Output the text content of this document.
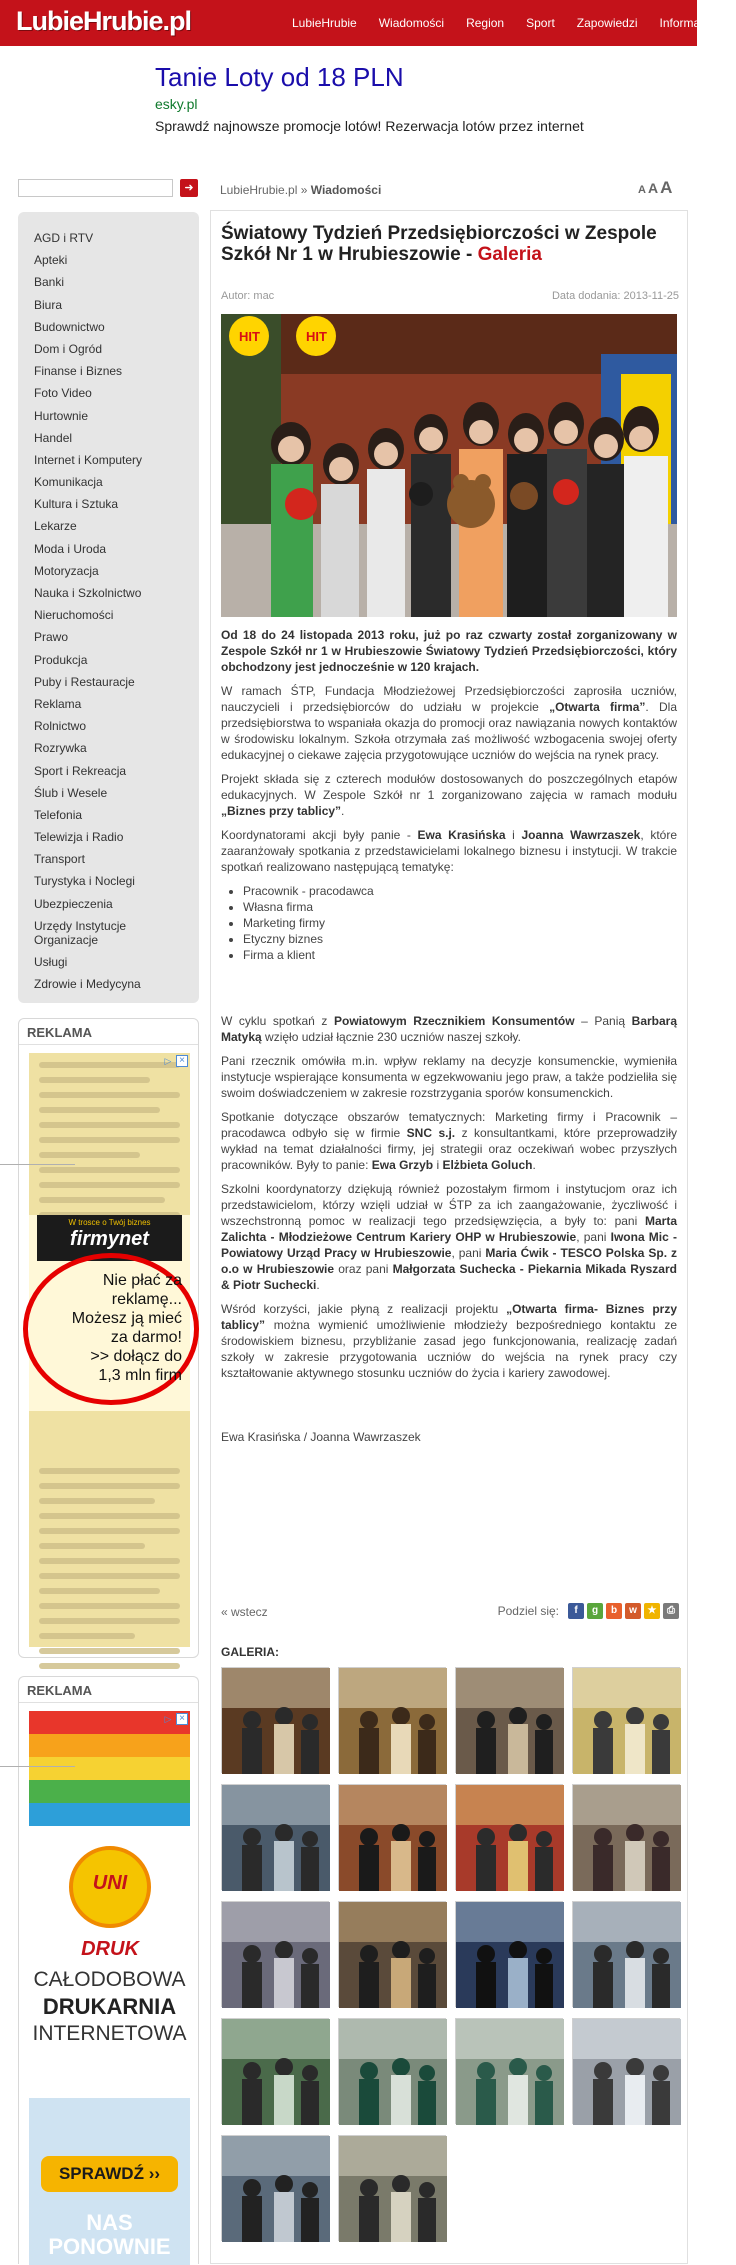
LubieHrubie.pl	LubieHrubie Wiadomości Region Sport Zapowiedzi Informator
Tanie Loty od 18 PLN
esky.pl
Sprawdź najnowsze promocje lotów! Rezerwacja lotów przez internet
➜
AGD i RTV
Apteki
Banki
Biura
Budownictwo
Dom i Ogród
Finanse i Biznes
Foto Video
Hurtownie
Handel
Internet i Komputery
Komunikacja
Kultura i Sztuka
Lekarze
Moda i Uroda
Motoryzacja
Nauka i Szkolnictwo
Nieruchomości
Prawo
Produkcja
Puby i Restauracje
Reklama
Rolnictwo
Rozrywka
Sport i Rekreacja
Ślub i Wesele
Telefonia
Telewizja i Radio
Transport
Turystyka i Noclegi
Ubezpieczenia
Urzędy Instytucje Organizacje
Usługi
Zdrowie i Medycyna
REKLAMA
W trosce o Twój biznes
firmynet
Nie płać za
reklamę...
Możesz ją mieć
za darmo!
>> dołącz do
1,3 mln firm
▷ ×
REKLAMA
UNI DRUK
CAŁODOBOWA
DRUKARNIA
INTERNETOWA
SPRAWDŹ ››
NAS PONOWNIE
▷ ×
LubieHrubie.pl » Wiadomości	A A A
Światowy Tydzień Przedsiębiorczości w Zespole Szkół Nr 1 w Hrubieszowie - Galeria
Autor: mac	Data dodania: 2013-11-25
HIT	HIT

Od 18 do 24 listopada 2013 roku, już po raz czwarty został zorganizowany w Zespole Szkół nr 1 w Hrubieszowie Światowy Tydzień Przedsiębiorczości, który obchodzony jest jednocześnie w 120 krajach.

W ramach ŚTP, Fundacja Młodzieżowej Przedsiębiorczości zaprosiła uczniów, nauczycieli i przedsiębiorców do udziału w projekcie „Otwarta firma”. Dla przedsiębiorstwa to wspaniała okazja do promocji oraz nawiązania nowych kontaktów w środowisku lokalnym. Szkoła otrzymała zaś możliwość wzbogacenia swojej oferty edukacyjnej o ciekawe zajęcia przygotowujące uczniów do wejścia na rynek pracy.

Projekt składa się z czterech modułów dostosowanych do poszczególnych etapów edukacyjnych. W Zespole Szkół nr 1 zorganizowano zajęcia w ramach modułu „Biznes przy tablicy”.

Koordynatorami akcji były panie - Ewa Krasińska i Joanna Wawrzaszek, które zaaranżowały spotkania z przedstawicielami lokalnego biznesu i instytucji. W trakcie spotkań realizowano następującą tematykę:

• Pracownik - pracodawca
• Własna firma
• Marketing firmy
• Etyczny biznes
• Firma a klient

W cyklu spotkań z Powiatowym Rzecznikiem Konsumentów – Panią Barbarą Matyką wzięło udział łącznie 230 uczniów naszej szkoły.

Pani rzecznik omówiła m.in. wpływ reklamy na decyzje konsumenckie, wymieniła instytucje wspierające konsumenta w egzekwowaniu jego praw, a także podzieliła się swoim doświadczeniem w zakresie rozstrzygania sporów konsumenckich.

Spotkanie dotyczące obszarów tematycznych: Marketing firmy i Pracownik – pracodawca odbyło się w firmie SNC s.j. z konsultantkami, które przeprowadziły wykład na temat działalności firmy, jej strategii oraz oczekiwań wobec przyszłych pracowników. Były to panie: Ewa Grzyb i Elżbieta Goluch.

Szkolni koordynatorzy dziękują również pozostałym firmom i instytucjom oraz ich przedstawicielom, którzy wzięli udział w ŚTP za ich zaangażowanie, życzliwość i wszechstronną pomoc w realizacji tego przedsięwzięcia, a były to: pani Marta Zalichta - Młodzieżowe Centrum Kariery OHP w Hrubieszowie, pani Iwona Mic - Powiatowy Urząd Pracy w Hrubieszowie, pani Maria Ćwik - TESCO Polska Sp. z o.o w Hrubieszowie oraz pani Małgorzata Suchecka - Piekarnia Mikada Ryszard & Piotr Suchecki.

Wśród korzyści, jakie płyną z realizacji projektu „Otwarta firma- Biznes przy tablicy” można wymienić umożliwienie młodzieży bezpośredniego kontaktu ze środowiskiem biznesu, przybliżanie zasad jego funkcjonowania, realizację zadań szkoły w zakresie przygotowania uczniów do wejścia na rynek pracy czy kształtowanie aktywnego stosunku uczniów do życia i kariery zawodowej.

Ewa Krasińska / Joanna Wawrzaszek

« wstecz	Podziel się:	f	g	b	w	★	⎙
GALERIA:
